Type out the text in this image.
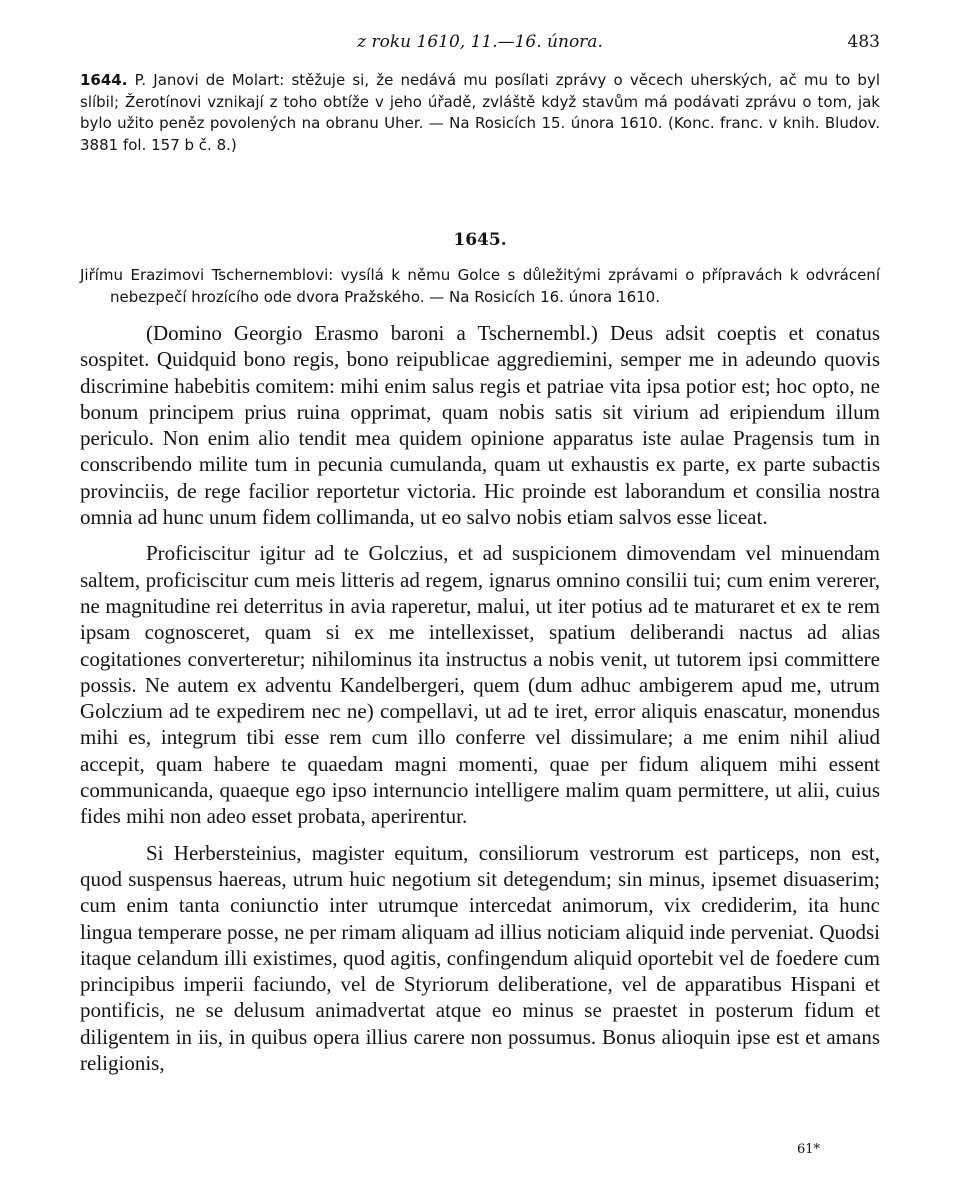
z roku 1610, 11.—16. února.	483
1644. P. Janovi de Molart: stěžuje si, že nedává mu posílati zprávy o věcech uherských, ač mu to byl slíbil; Žerotínovi vznikají z toho obtíže v jeho úřadě, zvláště když stavům má podávati zprávu o tom, jak bylo užito peněz povolených na obranu Uher. — Na Rosicích 15. února 1610. (Konc. franc. v knih. Bludov. 3881 fol. 157 b č. 8.)
1645.
Jiřímu Erazimovi Tschernemblovi: vysílá k němu Golce s důležitými zprávami o přípravách k odvrácení nebezpečí hrozícího ode dvora Pražského. — Na Rosicích 16. února 1610.

(Domino Georgio Erasmo baroni a Tschernembl.) Deus adsit coeptis et conatus sospitet. Quidquid bono regis, bono reipublicae aggrediemini, semper me in adeundo quovis discrimine habebitis comitem: mihi enim salus regis et patriae vita ipsa potior est; hoc opto, ne bonum principem prius ruina opprimat, quam nobis satis sit virium ad eripiendum illum periculo. Non enim alio tendit mea quidem opinione apparatus iste aulae Pragensis tum in conscribendo milite tum in pecunia cumulanda, quam ut exhaustis ex parte, ex parte subactis provinciis, de rege facilior reportetur victoria. Hic proinde est laborandum et consilia nostra omnia ad hunc unum fidem collimanda, ut eo salvo nobis etiam salvos esse liceat.

Proficiscitur igitur ad te Golczius, et ad suspicionem dimovendam vel minuendam saltem, proficiscitur cum meis litteris ad regem, ignarus omnino consilii tui; cum enim vererer, ne magnitudine rei deterritus in avia raperetur, malui, ut iter potius ad te maturaret et ex te rem ipsam cognosceret, quam si ex me intellexisset, spatium deliberandi nactus ad alias cogitationes converteretur; nihilominus ita instructus a nobis venit, ut tutorem ipsi committere possis. Ne autem ex adventu Kandelbergeri, quem (dum adhuc ambigerem apud me, utrum Golczium ad te expedirem nec ne) compellavi, ut ad te iret, error aliquis enascatur, monendus mihi es, integrum tibi esse rem cum illo conferre vel dissimulare; a me enim nihil aliud accepit, quam habere te quaedam magni momenti, quae per fidum aliquem mihi essent communicanda, quaeque ego ipso internuncio intelligere malim quam permittere, ut alii, cuius fides mihi non adeo esset probata, aperirentur.

Si Herbersteinius, magister equitum, consiliorum vestrorum est particeps, non est, quod suspensus haereas, utrum huic negotium sit detegendum; sin minus, ipsemet disuaserim; cum enim tanta coniunctio inter utrumque intercedat animorum, vix crediderim, ita hunc lingua temperare posse, ne per rimam aliquam ad illius noticiam aliquid inde perveniat. Quodsi itaque celandum illi existimes, quod agitis, confingendum aliquid oportebit vel de foedere cum principibus imperii faciundo, vel de Styriorum deliberatione, vel de apparatibus Hispani et pontificis, ne se delusum animadvertat atque eo minus se praestet in posterum fidum et diligentem in iis, in quibus opera illius carere non possumus. Bonus alioquin ipse est et amans religionis,

61*
